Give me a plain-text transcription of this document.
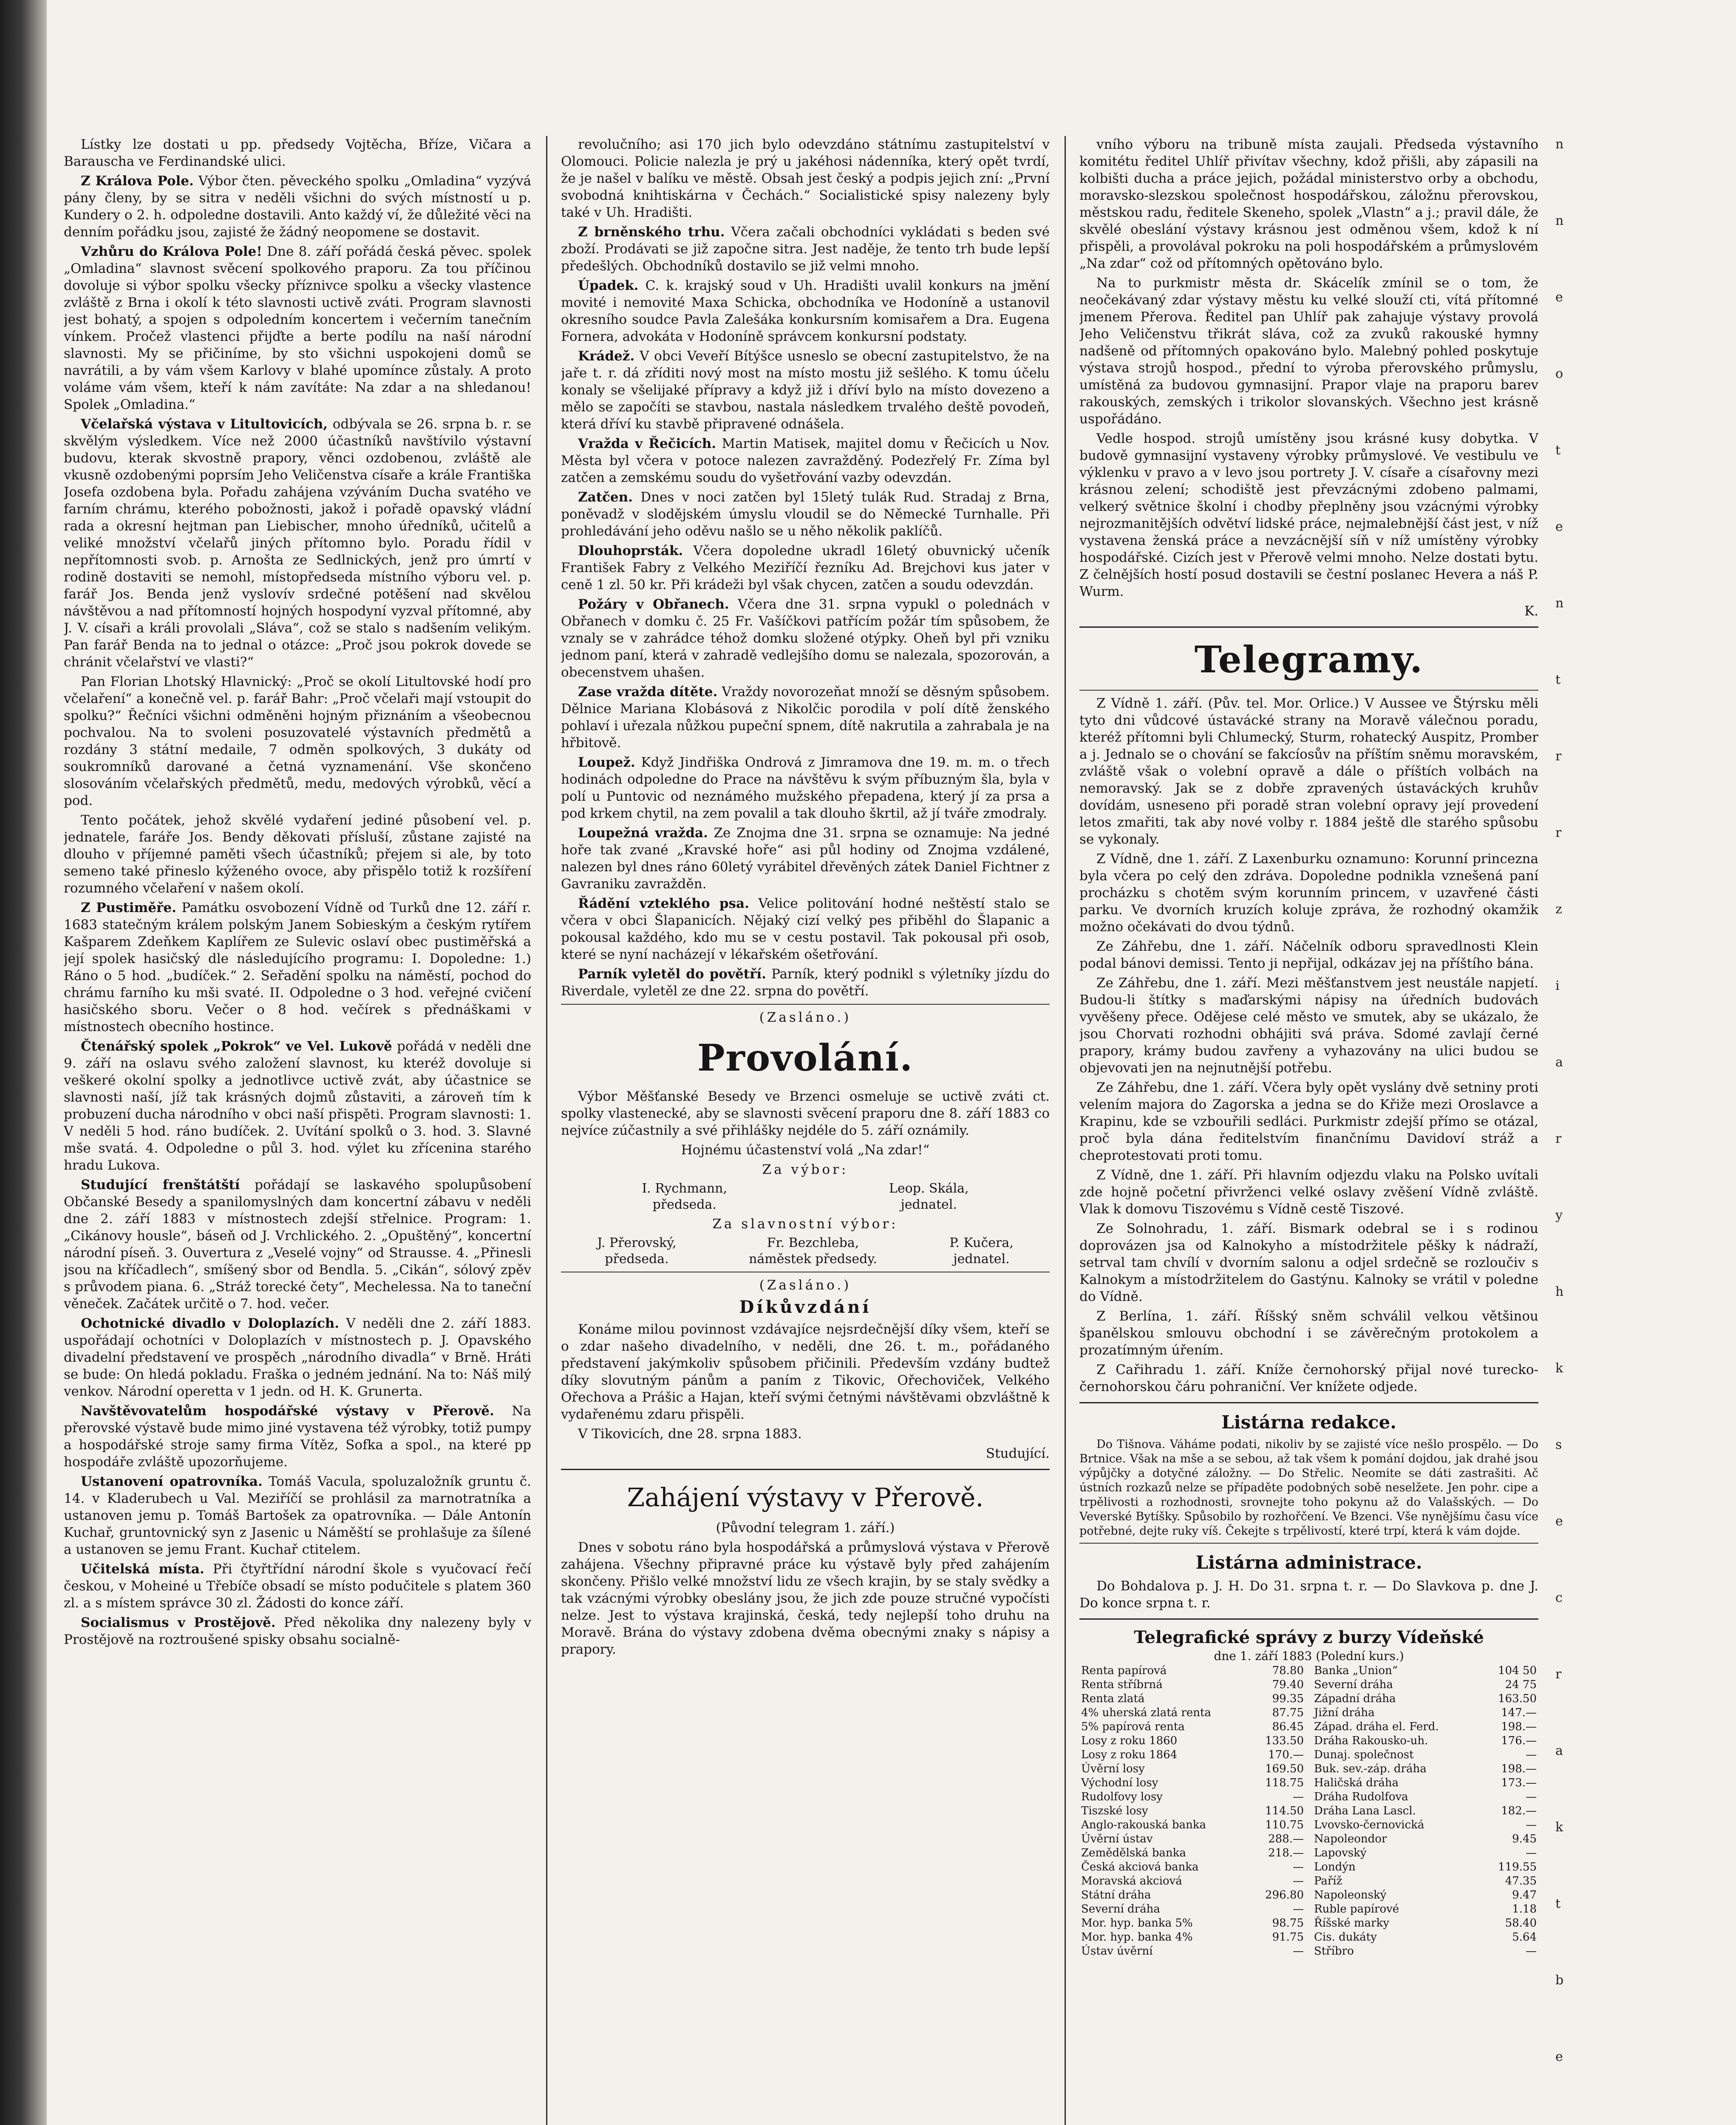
Lístky lze dostati u pp. předsedy Vojtěcha, Bříze, Vičara a Barauscha ve Ferdinandské ulici.

Z Králova Pole. Výbor čten. pěveckého spolku „Omladina“ vyzývá pány členy, by se sitra v neděli všichni do svých místností u p. Kundery o 2. h. odpoledne dostavili. Anto každý ví, že důležité věci na denním pořádku jsou, zajisté že žádný neopomene se dostavit.

Vzhůru do Králova Pole! Dne 8. září pořádá česká pěvec. spolek „Omladina“ slavnost svěcení spolkového praporu. Za tou příčinou dovoluje si výbor spolku všecky příznivce spolku a všecky vlastence zvláště z Brna i okolí k této slavnosti uctivě zváti. Program slavnosti jest bohatý, a spojen s odpoledním koncertem i večerním tanečním vínkem. Pročež vlastenci přijďte a berte podílu na naší národní slavnosti. My se přičiníme, by sto všichni uspokojeni domů se navrátili, a by vám všem Karlovy v blahé upomínce zůstaly. A proto voláme vám všem, kteří k nám zavítáte: Na zdar a na shledanou! Spolek „Omladina.“

Včelařská výstava v Litultovicích, odbývala se 26. srpna b. r. se skvělým výsledkem. Více než 2000 účastníků navštívilo výstavní budovu, kterak skvostně prapory, věnci ozdobenou, zvláště ale vkusně ozdobenými poprsím Jeho Veličenstva císaře a krále Františka Josefa ozdobena byla. Pořadu zahájena vzýváním Ducha svatého ve farním chrámu, kterého pobožnosti, jakož i pořadě opavský vládní rada a okresní hejtman pan Liebischer, mnoho úředníků, učitelů a veliké množství včelařů jiných přítomno bylo. Poradu řídil v nepřítomnosti svob. p. Arnošta ze Sedlnických, jenž pro úmrtí v rodině dostaviti se nemohl, místopředseda místního výboru vel. p. farář Jos. Benda jenž vyslovív srdečné potěšení nad skvělou návštěvou a nad přítomností hojných hospodyní vyzval přítomné, aby J. V. císaři a králi provolali „Sláva“, což se stalo s nadšením velikým. Pan farář Benda na to jednal o otázce: „Proč jsou pokrok dovede se chránit včelařství ve vlasti?“

Pan Florian Lhotský Hlavnický: „Proč se okolí Litultovské hodí pro včelaření“ a konečně vel. p. farář Bahr: „Proč včelaři mají vstoupit do spolku?“ Řečníci všichni odměněni hojným přiznáním a všeobecnou pochvalou. Na to svoleni posuzovatelé výstavních předmětů a rozdány 3 státní medaile, 7 odměn spolkových, 3 dukáty od soukromníků darované a četná vyznamenání. Vše skončeno slosováním včelařských předmětů, medu, medových výrobků, věcí a pod.

Tento počátek, jehož skvělé vydaření jediné působení vel. p. jednatele, faráře Jos. Bendy děkovati přísluší, zůstane zajisté na dlouho v příjemné paměti všech účastníků; přejem si ale, by toto semeno také přineslo kýženého ovoce, aby přispělo totiž k rozšíření rozumného včelaření v našem okolí.

Z Pustiměře. Památku osvobození Vídně od Turků dne 12. září r. 1683 statečným králem polským Janem Sobieským a českým rytířem Kašparem Zdeňkem Kaplířem ze Sulevic oslaví obec pustiměřská a její spolek hasičský dle následujícího programu: I. Dopoledne: 1.) Ráno o 5 hod. „budíček.“ 2. Seřadění spolku na náměstí, pochod do chrámu farního ku mši svaté. II. Odpoledne o 3 hod. veřejné cvičení hasičského sboru. Večer o 8 hod. večírek s přednáškami v místnostech obecního hostince.

Čtenářský spolek „Pokrok“ ve Vel. Lukově pořádá v neděli dne 9. září na oslavu svého založení slavnost, ku kteréž dovoluje si veškeré okolní spolky a jednotlivce uctivě zvát, aby účastnice se slavnosti naší, jíž tak krásných dojmů zůstaviti, a zároveň tím k probuzení ducha národního v obci naší přispěti. Program slavnosti: 1. V neděli 5 hod. ráno budíček. 2. Uvítání spolků o 3. hod. 3. Slavné mše svatá. 4. Odpoledne o půl 3. hod. výlet ku zřícenina starého hradu Lukova.

Studující frenštátští pořádají se laskavého spolupůsobení Občanské Besedy a spanilomyslných dam koncertní zábavu v neděli dne 2. září 1883 v místnostech zdejší střelnice. Program: 1. „Cikánovy housle“, báseň od J. Vrchlického. 2. „Opuštěný“, koncertní národní píseň. 3. Ouvertura z „Veselé vojny“ od Strausse. 4. „Přinesli jsou na kříčadlech“, smíšený sbor od Bendla. 5. „Cikán“, sólový zpěv s průvodem piana. 6. „Stráž torecké čety“, Mechelessa. Na to taneční věneček. Začátek určitě o 7. hod. večer.

Ochotnické divadlo v Doloplazích. V neděli dne 2. září 1883. uspořádají ochotníci v Doloplazích v místnostech p. J. Opavského divadelní představení ve prospěch „národního divadla“ v Brně. Hráti se bude: On hledá pokladu. Fraška o jedném jednání. Na to: Náš milý venkov. Národní operetta v 1 jedn. od H. K. Grunerta.

Navštěvovatelům hospodářské výstavy v Přerově. Na přerovské výstavě bude mimo jiné vystavena též výrobky, totiž pumpy a hospodářské stroje samy firma Vítěz, Sofka a spol., na které pp hospodáře zvláště upozorňujeme.

Ustanovení opatrovníka. Tomáš Vacula, spoluzaložník gruntu č. 14. v Kladerubech u Val. Meziříčí se prohlásil za marnotratníka a ustanoven jemu p. Tomáš Bartošek za opatrovníka. — Dále Antonín Kuchař, gruntovnický syn z Jasenic u Náměští se prohlašuje za šílené a ustanoven se jemu Frant. Kuchař ctitelem.

Učitelská místa. Při čtyřtřídní národní škole s vyučovací řečí českou, v Moheiné u Třebíče obsadí se místo podučitele s platem 360 zl. a s místem správce 30 zl. Žádosti do konce září.

Socialismus v Prostějově. Před několika dny nalezeny byly v Prostějově na roztroušené spisky obsahu socialně-

revolučního; asi 170 jich bylo odevzdáno státnímu zastupitelství v Olomouci. Policie nalezla je prý u jakéhosi nádenníka, který opět tvrdí, že je našel v balíku ve městě. Obsah jest český a podpis jejich zní: „První svobodná knihtiskárna v Čechách.“ Socialistické spisy nalezeny byly také v Uh. Hradišti.

Z brněnského trhu. Včera začali obchodníci vykládati s beden své zboží. Prodávati se již započne sitra. Jest naděje, že tento trh bude lepší předešlých. Obchodníků dostavilo se již velmi mnoho.

Úpadek. C. k. krajský soud v Uh. Hradišti uvalil konkurs na jmění movité i nemovité Maxa Schicka, obchodníka ve Hodoníně a ustanovil okresního soudce Pavla Zalešáka konkursním komisařem a Dra. Eugena Fornera, advokáta v Hodoníně správcem konkursní podstaty.

Krádež. V obci Veveří Bítýšce usneslo se obecní zastupitelstvo, že na jaře t. r. dá zříditi nový most na místo mostu již sešlého. K tomu účelu konaly se všelijaké přípravy a když již i dříví bylo na místo dovezeno a mělo se započíti se stavbou, nastala následkem trvalého deště povodeň, která dříví ku stavbě připravené odnášela.

Vražda v Řečicích. Martin Matisek, majitel domu v Řečicích u Nov. Města byl včera v potoce nalezen zavražděný. Podezřelý Fr. Zíma byl zatčen a zemskému soudu do vyšetřování vazby odevzdán.

Zatčen. Dnes v noci zatčen byl 15letý tulák Rud. Stradaj z Brna, poněvadž v slodějském úmyslu vloudil se do Německé Turnhalle. Při prohledávání jeho oděvu našlo se u něho několik paklíčů.

Dlouhoprsták. Včera dopoledne ukradl 16letý obuvnický učeník František Fabry z Velkého Meziříčí řezníku Ad. Brejchovi kus jater v ceně 1 zl. 50 kr. Při krádeži byl však chycen, zatčen a soudu odevzdán.

Požáry v Obřanech. Včera dne 31. srpna vypukl o polednách v Obřanech v domku č. 25 Fr. Vašíčkovi patřícím požár tím spůsobem, že vznaly se v zahrádce téhož domku složené otýpky. Oheň byl při vzniku jednom paní, která v zahradě vedlejšího domu se nalezala, spozorován, a obecenstvem uhašen.

Zase vražda dítěte. Vraždy novorozeňat množí se děsným spůsobem. Dělnice Mariana Klobásová z Nikolčic porodila v polí dítě ženského pohlaví i uřezala nůžkou pupeční spnem, dítě nakrutila a zahrabala je na hřbitově.

Loupež. Když Jindřiška Ondrová z Jimramova dne 19. m. m. o třech hodinách odpoledne do Prace na návštěvu k svým příbuzným šla, byla v polí u Puntovic od neznámého mužského přepadena, který jí za prsa a pod krkem chytil, na zem povalil a tak dlouho škrtil, až jí tváře zmodraly.

Loupežná vražda. Ze Znojma dne 31. srpna se oznamuje: Na jedné hoře tak zvané „Kravské hoře“ asi půl hodiny od Znojma vzdálené, nalezen byl dnes ráno 60letý vyrábitel dřevěných zátek Daniel Fichtner z Gavraniku zavražděn.

Řádění vzteklého psa. Velice politování hodné neštěstí stalo se včera v obci Šlapanicích. Nějaký cizí velký pes přiběhl do Šlapanic a pokousal každého, kdo mu se v cestu postavil. Tak pokousal při osob, které se nyní nacházejí v lékařském ošetřování.

Parník vyletěl do povětří. Parník, který podnikl s výletníky jízdu do Riverdale, vyletěl ze dne 22. srpna do povětří.

(Zasláno.)
Provolání.

Výbor Měšťanské Besedy ve Brzenci osmeluje se uctivě zváti ct. spolky vlastenecké, aby se slavnosti svěcení praporu dne 8. září 1883 co nejvíce zúčastnily a své přihlášky nejdéle do 5. září oznámily.

Hojnému účastenství volá „Na zdar!“
Za výbor:
I. Rychmann,
předseda.
Leop. Skála,
jednatel.
Za slavnostní výbor:
J. Přerovský,
předseda.
Fr. Bezchleba,
náměstek předsedy.
P. Kučera,
jednatel.
(Zasláno.)
Díkůvzdání

Konáme milou povinnost vzdávajíce nejsrdečnější díky všem, kteří se o zdar našeho divadelního, v neděli, dne 26. t. m., pořádaného představení jakýmkoliv spůsobem přičinili. Především vzdány budtež díky slovutným pánům a paním z Tikovic, Ořechoviček, Velkého Ořechova a Prášic a Hajan, kteří svými četnými návštěvami obzvláštně k vydařenému zdaru přispěli.

V Tikovicích, dne 28. srpna 1883.

Studující.
Zahájení výstavy v Přerově.
(Původní telegram 1. září.)

Dnes v sobotu ráno byla hospodářská a průmyslová výstava v Přerově zahájena. Všechny připravné práce ku výstavě byly před zahájením skončeny. Přišlo velké množství lidu ze všech krajin, by se staly svědky a tak vzácnými výrobky obeslány jsou, že jich zde pouze stručné vypočísti nelze. Jest to výstava krajinská, česká, tedy nejlepší toho druhu na Moravě. Brána do výstavy zdobena dvěma obecnými znaky s nápisy a prapory.

vního výboru na tribuně místa zaujali. Předseda výstavního komitétu ředitel Uhlíř přivítav všechny, kdož přišli, aby zápasili na kolbišti ducha a práce jejich, požádal ministerstvo orby a obchodu, moravsko-slezskou společnost hospodářskou, záložnu přerovskou, městskou radu, ředitele Skeneho, spolek „Vlastn“ a j.; pravil dále, že skvělé obeslání výstavy krásnou jest odměnou všem, kdož k ní přispěli, a provolával pokroku na poli hospodářském a průmyslovém „Na zdar“ což od přítomných opětováno bylo.

Na to purkmistr města dr. Skácelík zmínil se o tom, že neočekávaný zdar výstavy městu ku velké slouží cti, vítá přítomné jmenem Přerova. Ředitel pan Uhlíř pak zahajuje výstavy provolá Jeho Veličenstvu třikrát sláva, což za zvuků rakouské hymny nadšeně od přítomných opakováno bylo. Malebný pohled poskytuje výstava strojů hospod., přední to výroba přerovského průmyslu, umístěná za budovou gymnasijní. Prapor vlaje na praporu barev rakouských, zemských i trikolor slovanských. Všechno jest krásně uspořádáno.

Vedle hospod. strojů umístěny jsou krásné kusy dobytka. V budově gymnasijní vystaveny výrobky průmyslové. Ve vestibulu ve výklenku v pravo a v levo jsou portrety J. V. císaře a císařovny mezi krásnou zelení; schodiště jest převzácnými zdobeno palmami, velkerý světnice školní i chodby přeplněny jsou vzácnými výrobky nejrozmanitějších odvětví lidské práce, nejmalebnější část jest, v níž vystavena ženská práce a nevzácnější síň v níž umístěny výrobky hospodářské. Cizích jest v Přerově velmi mnoho. Nelze dostati bytu. Z čelnějších hostí posud dostavili se čestní poslanec Hevera a náš P. Wurm.

K.
Telegramy.

Z Vídně 1. září. (Pův. tel. Mor. Orlice.) V Aussee ve Štýrsku měli tyto dni vůdcové ústavácké strany na Moravě válečnou poradu, kteréž přítomni byli Chlumecký, Sturm, rohatecký Auspitz, Promber a j. Jednalo se o chování se fakcíosův na příštím sněmu moravském, zvláště však o volební opravě a dále o příštích volbách na nemoravský. Jak se z dobře zpravených ústaváckých kruhův dovídám, usneseno při poradě stran volební opravy její provedení letos zmařiti, tak aby nové volby r. 1884 ještě dle starého spůsobu se vykonaly.

Z Vídně, dne 1. září. Z Laxenburku oznamuno: Korunní princezna byla včera po celý den zdráva. Dopoledne podnikla vznešená paní procházku s chotěm svým korunním princem, v uzavřené části parku. Ve dvorních kruzích koluje zpráva, že rozhodný okamžik možno očekávati do dvou týdnů.

Ze Záhřebu, dne 1. září. Náčelník odboru spravedlnosti Klein podal bánovi demissi. Tento ji nepřijal, odkázav jej na příštího bána.

Ze Záhřebu, dne 1. září. Mezi měšťanstvem jest neustále napjetí. Budou-li štítky s maďarskými nápisy na úředních budovách vyvěšeny přece. Odějese celé město ve smutek, aby se ukázalo, že jsou Chorvati rozhodni obhájiti svá práva. Sdomé zavlají černé prapory, krámy budou zavřeny a vyhazovány na ulici budou se objevovati jen na nejnutnější potřebu.

Ze Záhřebu, dne 1. září. Včera byly opět vyslány dvě setniny proti velením majora do Zagorska a jedna se do Křiže mezi Oroslavce a Krapinu, kde se vzbouřili sedláci. Purkmistr zdejší přímo se otázal, proč byla dána ředitelstvím finančnímu Davidoví stráž a cheprotestovati proti tomu.

Z Vídně, dne 1. září. Při hlavním odjezdu vlaku na Polsko uvítali zde hojně početní přivrženci velké oslavy zvěšení Vídně zvláště. Vlak k domovu Tiszovému s Vídně cestě Tiszové.

Ze Solnohradu, 1. září. Bismark odebral se i s rodinou doprovázen jsa od Kalnokyho a místodržitele pěšky k nádraží, setrval tam chvílí v dvorním salonu a odjel srdečně se rozloučiv s Kalnokym a místodržitelem do Gastýnu. Kalnoky se vrátil v poledne do Vídně.

Z Berlína, 1. září. Říšský sněm schválil velkou většinou španělskou smlouvu obchodní i se závěrečným protokolem a prozatímným úřením.

Z Cařihradu 1. září. Kníže černohorský přijal nové turecko-černohorskou čáru pohraniční. Ver knížete odjede.

Listárna redakce.

Do Tišnova. Váháme podati, nikoliv by se zajisté více nešlo prospělo. — Do Brtnice. Však na mše a se sebou, až tak všem k pomání dojdou, jak drahé jsou výpůjčky a dotyčné záložny. — Do Střelic. Neomite se dáti zastrašiti. Ač ústních rozkazů nelze se případěte podobných sobě neselžete. Jen pohr. cipe a trpělivosti a rozhodnosti, srovnejte toho pokynu až do Valašských. — Do Veverské Bytíšky. Spůsobilo by rozhořčení. Ve Bzenci. Vše nynějšímu času více potřebné, dejte ruky víš. Čekejte s trpělivostí, které trpí, která k vám dojde.

Listárna administrace.

Do Bohdalova p. J. H. Do 31. srpna t. r. — Do Slavkova p. dne J. Do konce srpna t. r.

Telegrafické správy z burzy Vídeňské
dne 1. září 1883 (Polední kurs.)
Renta papírová	78.80
Renta stříbrná	79.40
Renta zlatá	99.35
4% uherská zlatá renta	87.75
5% papírová renta	86.45
Losy z roku 1860	133.50
Losy z roku 1864	170.—
Úvěrní losy	169.50
Východní losy	118.75
Rudolfovy losy	—
Tiszské losy	114.50
Anglo-rakouská banka	110.75
Úvěrní ústav	288.—
Zemědělská banka	218.—
Česká akciová banka	—
Moravská akciová	—
Státní dráha	296.80
Severní dráha	—
Mor. hyp. banka 5%	98.75
Mor. hyp. banka 4%	91.75
Ústav úvěrní	—
Banka „Union“	104 50
Severní dráha	24 75
Západní dráha	163.50
Jižní dráha	147.—
Západ. dráha el. Ferd.	198.—
Dráha Rakousko-uh.	176.—
Dunaj. společnost	—
Buk. sev.-záp. dráha	198.—
Haličská dráha	173.—
Dráha Rudolfova	—
Dráha Lana Lascl.	182.—
Lvovsko-černovická	—
Napoleondor	9.45
Lapovský	—
Londýn	119.55
Paříž	47.35
Napoleonský	9.47
Ruble papírové	1.18
Říšské marky	58.40
Cis. dukáty	5.64
Stříbro	—
n
n
e
o
t
e
n
t
r
r
z
i
a
r
y
h
k
s
e
c
r
a
k
t
b
e
